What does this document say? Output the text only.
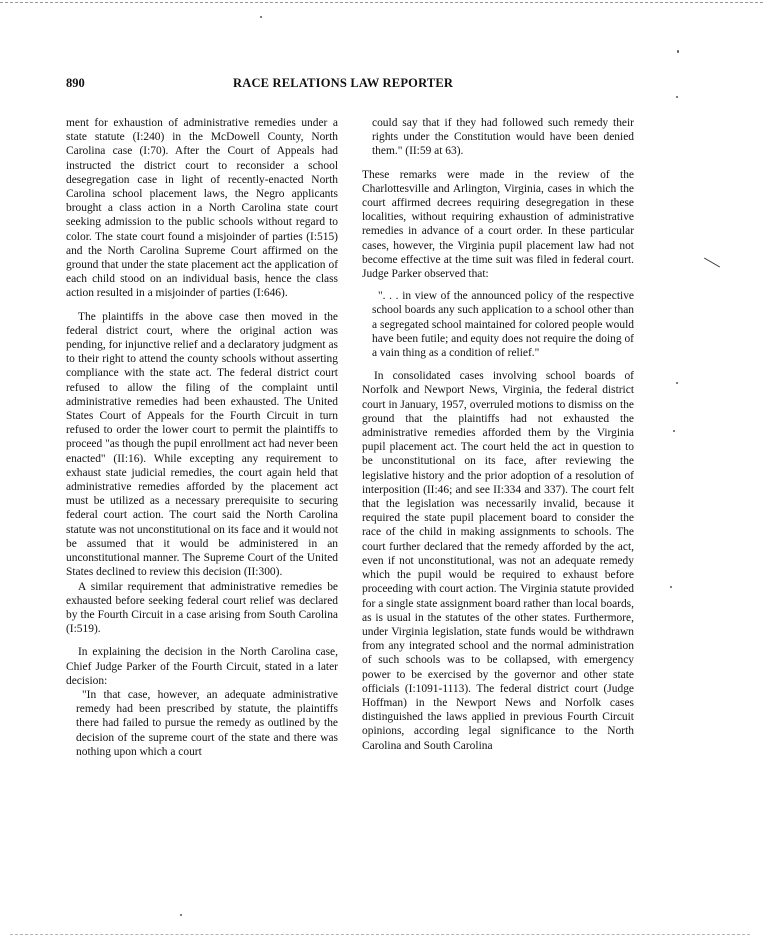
890	RACE RELATIONS LAW REPORTER

ment for exhaustion of administrative remedies under a state statute (I:240) in the McDowell County, North Carolina case (I:70). After the Court of Appeals had instructed the district court to reconsider a school desegregation case in light of recently-enacted North Carolina school placement laws, the Negro applicants brought a class action in a North Carolina state court seeking admission to the public schools without regard to color. The state court found a misjoinder of parties (I:515) and the North Carolina Supreme Court affirmed on the ground that under the state placement act the application of each child stood on an individual basis, hence the class action resulted in a misjoinder of parties (I:646).

The plaintiffs in the above case then moved in the federal district court, where the original action was pending, for injunctive relief and a declaratory judgment as to their right to attend the county schools without asserting compliance with the state act. The federal district court refused to allow the filing of the complaint until administrative remedies had been exhausted. The United States Court of Appeals for the Fourth Circuit in turn refused to order the lower court to permit the plaintiffs to proceed "as though the pupil enrollment act had never been enacted" (II:16). While excepting any requirement to exhaust state judicial remedies, the court again held that administrative remedies afforded by the placement act must be utilized as a necessary prerequisite to securing federal court action. The court said the North Carolina statute was not unconstitutional on its face and it would not be assumed that it would be administered in an unconstitutional manner. The Supreme Court of the United States declined to review this decision (II:300).

A similar requirement that administrative remedies be exhausted before seeking federal court relief was declared by the Fourth Circuit in a case arising from South Carolina (I:519).

In explaining the decision in the North Carolina case, Chief Judge Parker of the Fourth Circuit, stated in a later decision:

"In that case, however, an adequate administrative remedy had been prescribed by statute, the plaintiffs there had failed to pursue the remedy as outlined by the decision of the supreme court of the state and there was nothing upon which a court

could say that if they had followed such remedy their rights under the Constitution would have been denied them." (II:59 at 63).

These remarks were made in the review of the Charlottesville and Arlington, Virginia, cases in which the court affirmed decrees requiring desegregation in these localities, without requiring exhaustion of administrative remedies in advance of a court order. In these particular cases, however, the Virginia pupil placement law had not become effective at the time suit was filed in federal court. Judge Parker observed that:

". . . in view of the announced policy of the respective school boards any such application to a school other than a segregated school maintained for colored people would have been futile; and equity does not require the doing of a vain thing as a condition of relief."

In consolidated cases involving school boards of Norfolk and Newport News, Virginia, the federal district court in January, 1957, overruled motions to dismiss on the ground that the plaintiffs had not exhausted the administrative remedies afforded them by the Virginia pupil placement act. The court held the act in question to be unconstitutional on its face, after reviewing the legislative history and the prior adoption of a resolution of interposition (II:46; and see II:334 and 337). The court felt that the legislation was necessarily invalid, because it required the state pupil placement board to consider the race of the child in making assignments to schools. The court further declared that the remedy afforded by the act, even if not unconstitutional, was not an adequate remedy which the pupil would be required to exhaust before proceeding with court action. The Virginia statute provided for a single state assignment board rather than local boards, as is usual in the statutes of the other states. Furthermore, under Virginia legislation, state funds would be withdrawn from any integrated school and the normal administration of such schools was to be collapsed, with emergency power to be exercised by the governor and other state officials (I:1091-1113). The federal district court (Judge Hoffman) in the Newport News and Norfolk cases distinguished the laws applied in previous Fourth Circuit opinions, according legal significance to the North Carolina and South Carolina
